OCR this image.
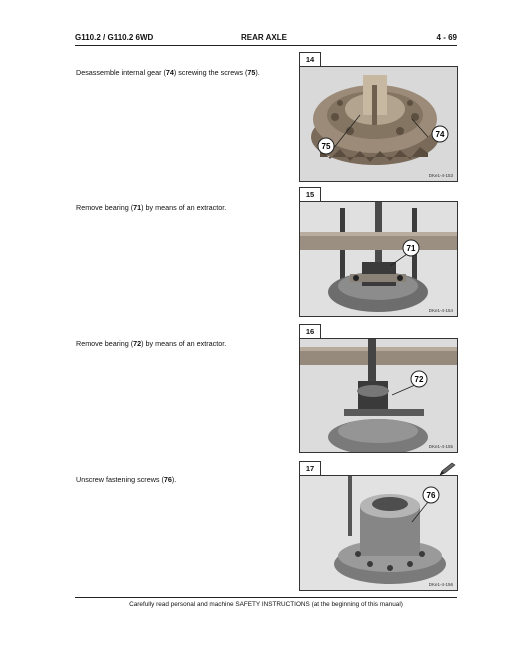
G110.2 / G110.2 6WD	REAR AXLE	4 - 69
Desassemble internal gear (74) screwing the screws (75).
14
75
74
DKe1-4-153
Remove bearing (71) by means of an extractor.
15
71
DKe1-4-154
Remove bearing (72) by means of an extractor.
16
72
DKe1-4-155
Unscrew fastening screws (76).
17
76
DKe1-4-156
Carefully read personal and machine SAFETY INSTRUCTIONS (at the beginning of this manual)
